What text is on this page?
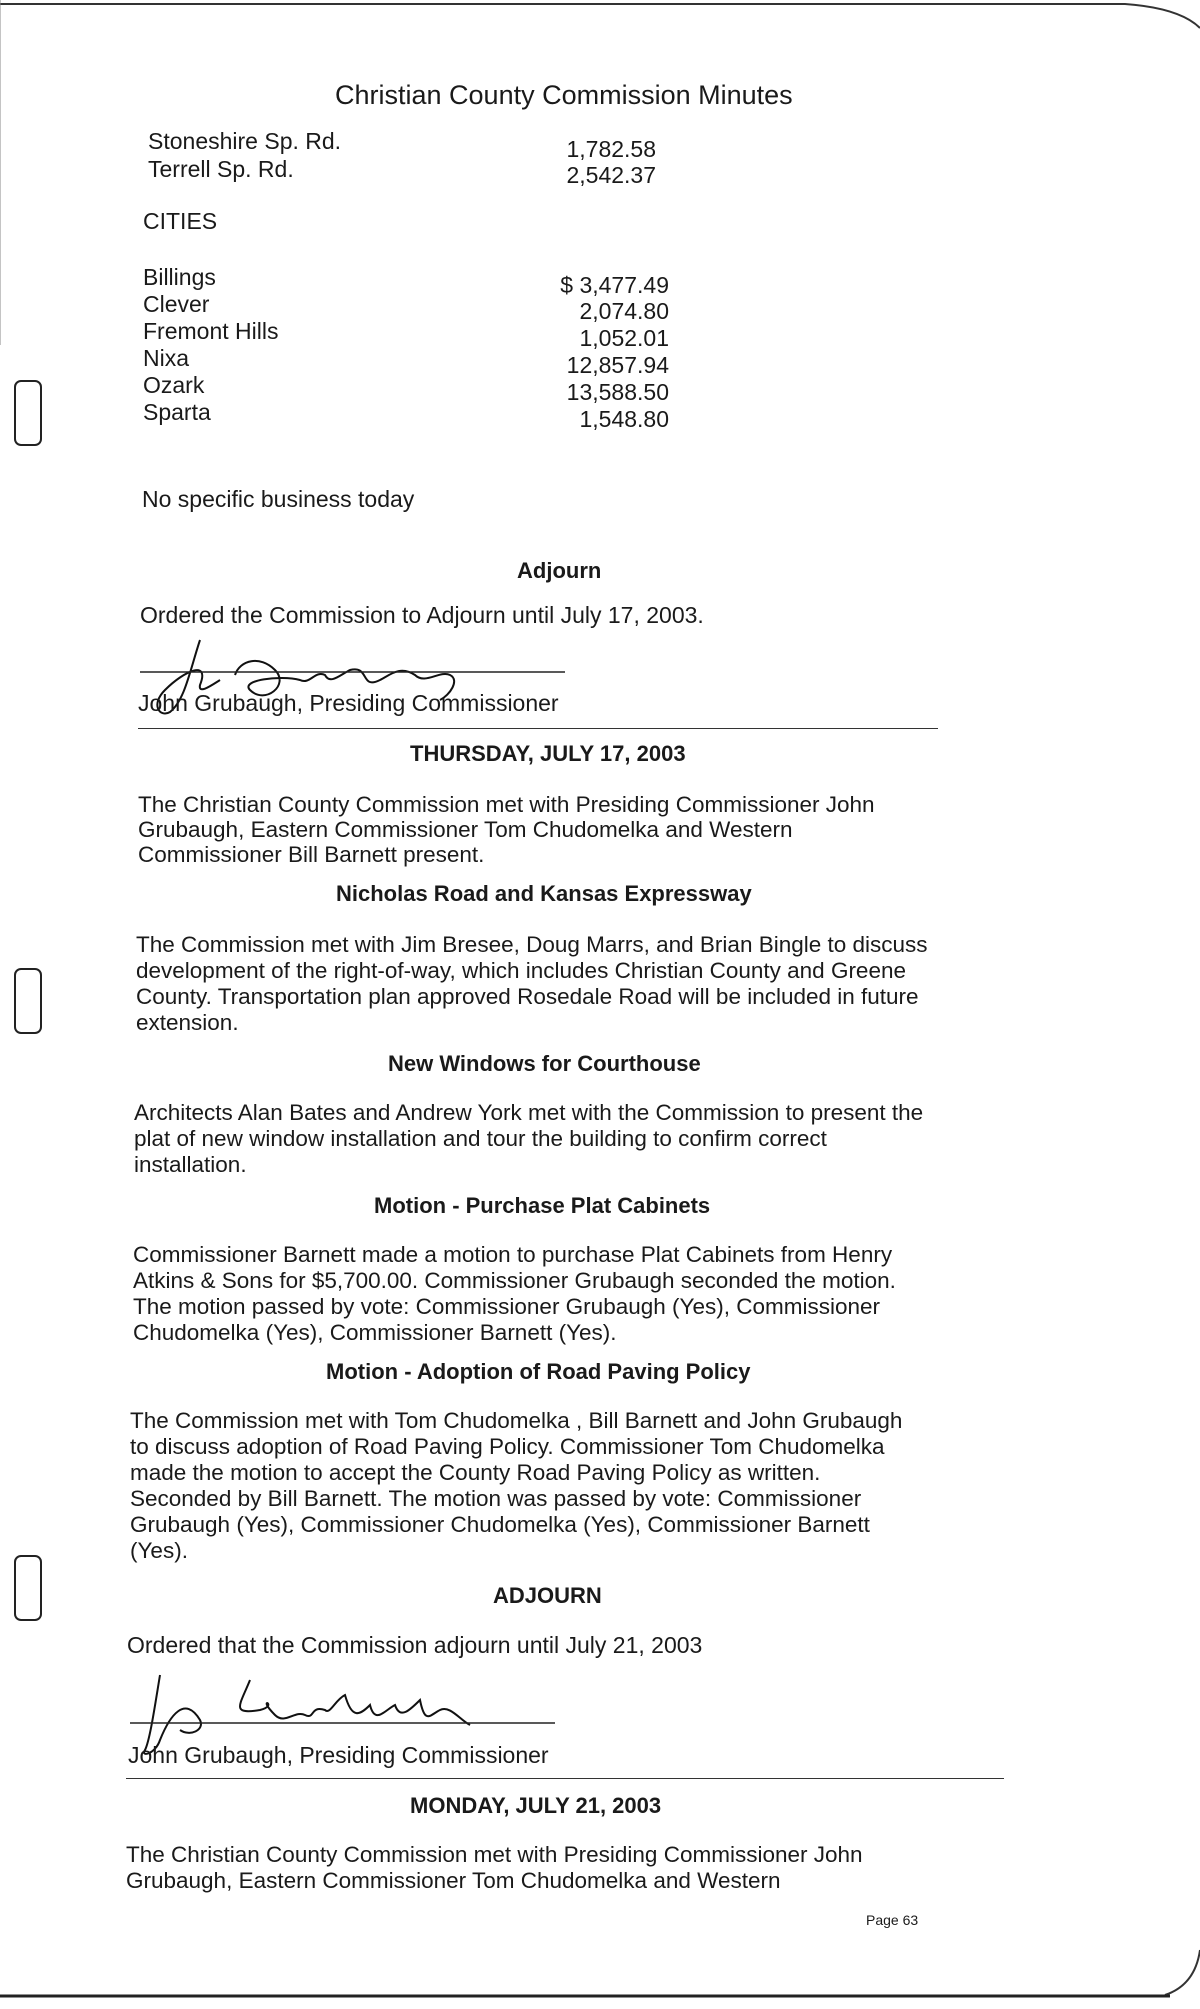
Christian County Commission Minutes
Stoneshire Sp. Rd.	1,782.58
Terrell Sp. Rd.	2,542.37
CITIES
Billings	$ 3,477.49
Clever	2,074.80
Fremont Hills	1,052.01
Nixa	12,857.94
Ozark	13,588.50
Sparta	1,548.80
No specific business today
Adjourn
Ordered the Commission to Adjourn until July 17, 2003.
John Grubaugh, Presiding Commissioner
THURSDAY, JULY 17, 2003
The Christian County Commission met with Presiding Commissioner John
Grubaugh, Eastern Commissioner Tom Chudomelka and Western
Commissioner Bill Barnett present.
Nicholas Road and Kansas Expressway
The Commission met with Jim Bresee, Doug Marrs, and Brian Bingle to discuss
development of the right-of-way, which includes Christian County and Greene
County. Transportation plan approved Rosedale Road will be included in future
extension.
New Windows for Courthouse
Architects Alan Bates and Andrew York met with the Commission to present the
plat of new window installation and tour the building to confirm correct
installation.
Motion - Purchase Plat Cabinets
Commissioner Barnett made a motion to purchase Plat Cabinets from Henry
Atkins & Sons for $5,700.00. Commissioner Grubaugh seconded the motion.
The motion passed by vote: Commissioner Grubaugh (Yes), Commissioner
Chudomelka (Yes), Commissioner Barnett (Yes).
Motion - Adoption of Road Paving Policy
The Commission met with Tom Chudomelka , Bill Barnett and John Grubaugh
to discuss adoption of Road Paving Policy. Commissioner Tom Chudomelka
made the motion to accept the County Road Paving Policy as written.
Seconded by Bill Barnett. The motion was passed by vote: Commissioner
Grubaugh (Yes), Commissioner Chudomelka (Yes), Commissioner Barnett
(Yes).
ADJOURN
Ordered that the Commission adjourn until July 21, 2003
John Grubaugh, Presiding Commissioner
MONDAY, JULY 21, 2003
The Christian County Commission met with Presiding Commissioner John
Grubaugh, Eastern Commissioner Tom Chudomelka and Western
Page 63
